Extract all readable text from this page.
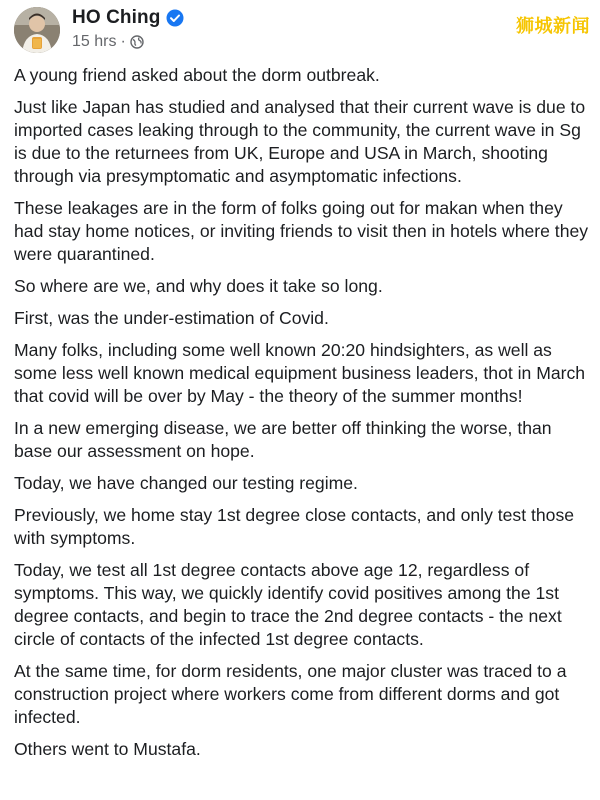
HO Ching
15 hrs ·
狮城新闻

A young friend asked about the dorm outbreak.

Just like Japan has studied and analysed that their current wave is due to imported cases leaking through to the community, the current wave in Sg is due to the returnees from UK, Europe and USA in March, shooting through via presymptomatic and asymptomatic infections.

These leakages are in the form of folks going out for makan when they had stay home notices, or inviting friends to visit then in hotels where they were quarantined.

So where are we, and why does it take so long.

First, was the under-estimation of Covid.

Many folks, including some well known 20:20 hindsighters, as well as some less well known medical equipment business leaders, thot in March that covid will be over by May - the theory of the summer months!

In a new emerging disease, we are better off thinking the worse, than base our assessment on hope.

Today, we have changed our testing regime.

Previously, we home stay 1st degree close contacts, and only test those with symptoms.

Today, we test all 1st degree contacts above age 12, regardless of symptoms. This way, we quickly identify covid positives among the 1st degree contacts, and begin to trace the 2nd degree contacts - the next circle of contacts of the infected 1st degree contacts.

At the same time, for dorm residents, one major cluster was traced to a construction project where workers come from different dorms and got infected.

Others went to Mustafa.
